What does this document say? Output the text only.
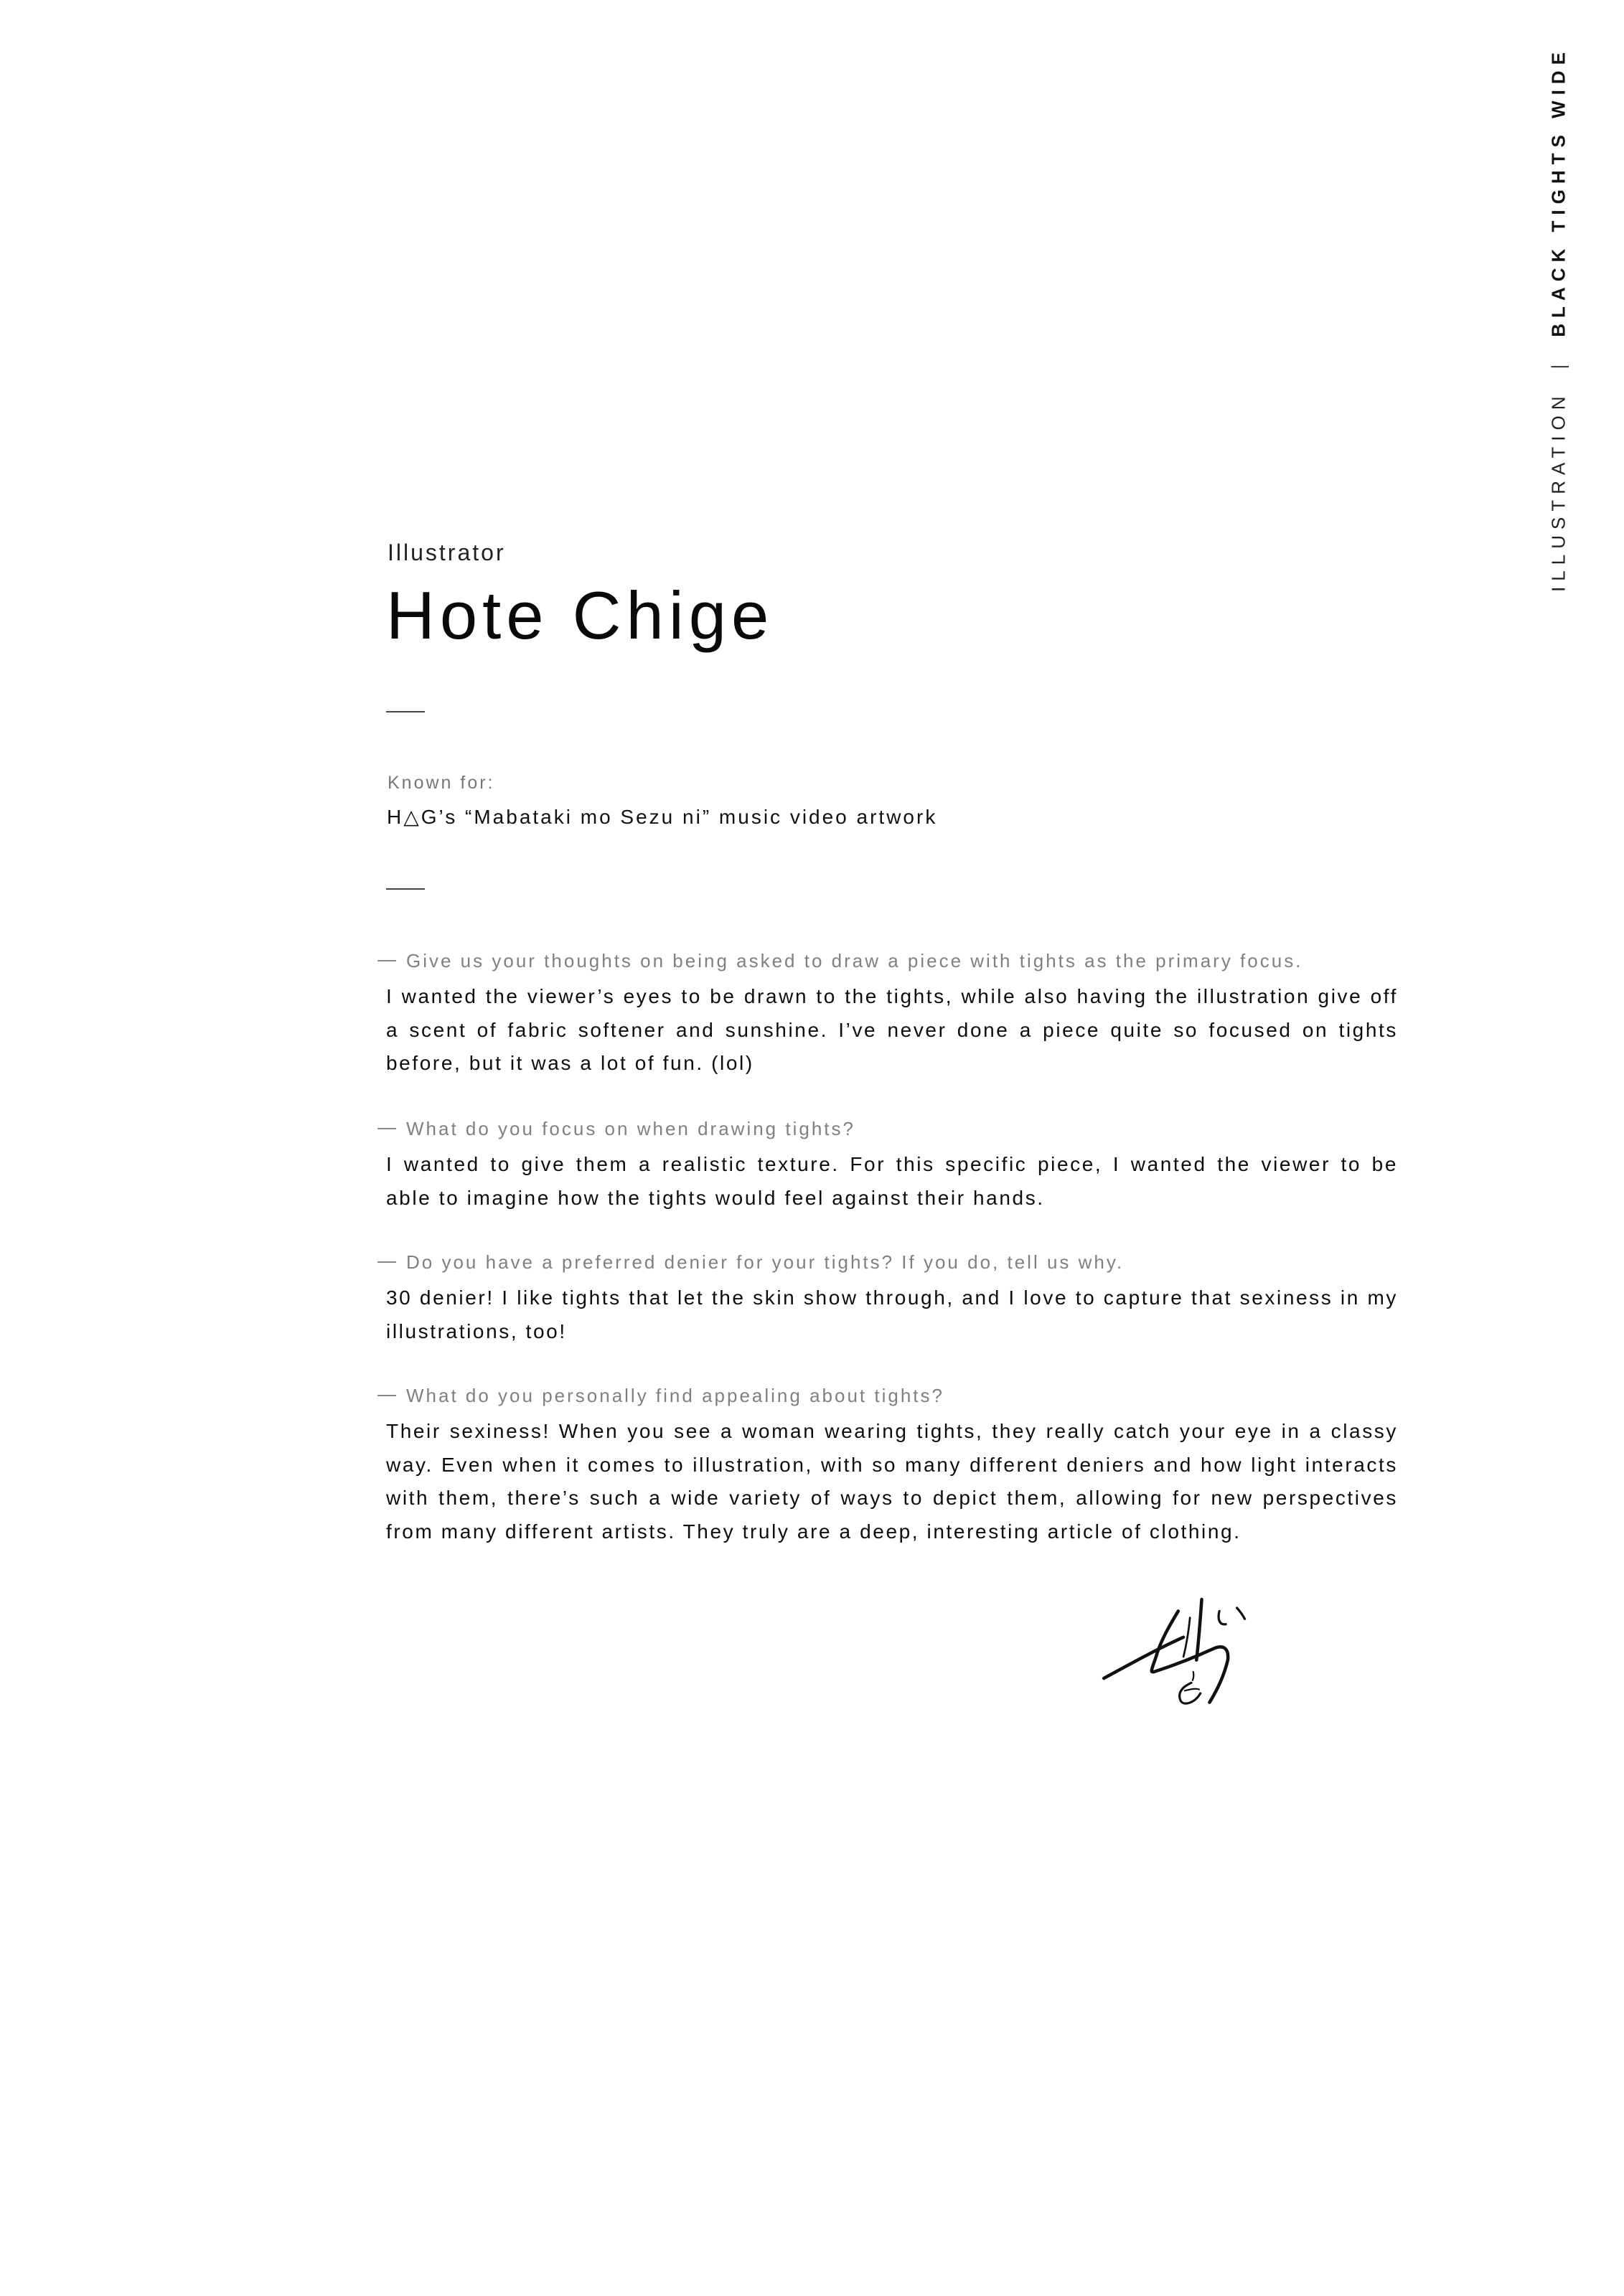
ILLUSTRATION
|
BLACK TIGHTS WIDE
Illustrator
Hote Chige
Known for:
H△G’s “Mabataki mo Sezu ni” music video artwork

Give us your thoughts on being asked to draw a piece with tights as the primary focus.

I wanted the viewer’s eyes to be drawn to the tights, while also having the illustration give off a scent of fabric softener and sunshine. I’ve never done a piece quite so focused on tights before, but it was a lot of fun. (lol)

What do you focus on when drawing tights?

I wanted to give them a realistic texture. For this specific piece, I wanted the viewer to be able to imagine how the tights would feel against their hands.

Do you have a preferred denier for your tights? If you do, tell us why.

30 denier! I like tights that let the skin show through, and I love to capture that sexiness in my illustrations, too!

What do you personally find appealing about tights?

Their sexiness! When you see a woman wearing tights, they really catch your eye in a classy way. Even when it comes to illustration, with so many different deniers and how light interacts with them, there’s such a wide variety of ways to depict them, allowing for new perspectives from many different artists. They truly are a deep, interesting article of clothing.
